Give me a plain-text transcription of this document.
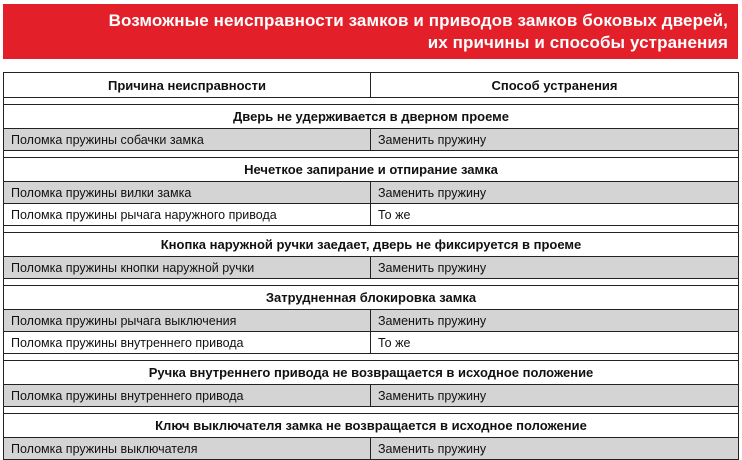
Возможные неисправности замков и приводов замков боковых дверей,
их причины и способы устранения
Причина неисправности	Способ устранения

Дверь не удерживается в дверном проеме	
Поломка пружины собачки замка	Заменить пружину

Нечеткое запирание и отпирание замка	
Поломка пружины вилки замка	Заменить пружину
Поломка пружины рычага наружного привода	То же

Кнопка наружной ручки заедает, дверь не фиксируется в проеме	
Поломка пружины кнопки наружной ручки	Заменить пружину

Затрудненная блокировка замка	
Поломка пружины рычага выключения	Заменить пружину
Поломка пружины внутреннего привода	То же

Ручка внутреннего привода не возвращается в исходное положение	
Поломка пружины внутреннего привода	Заменить пружину

Ключ выключателя замка не возвращается в исходное положение	
Поломка пружины выключателя	Заменить пружину
